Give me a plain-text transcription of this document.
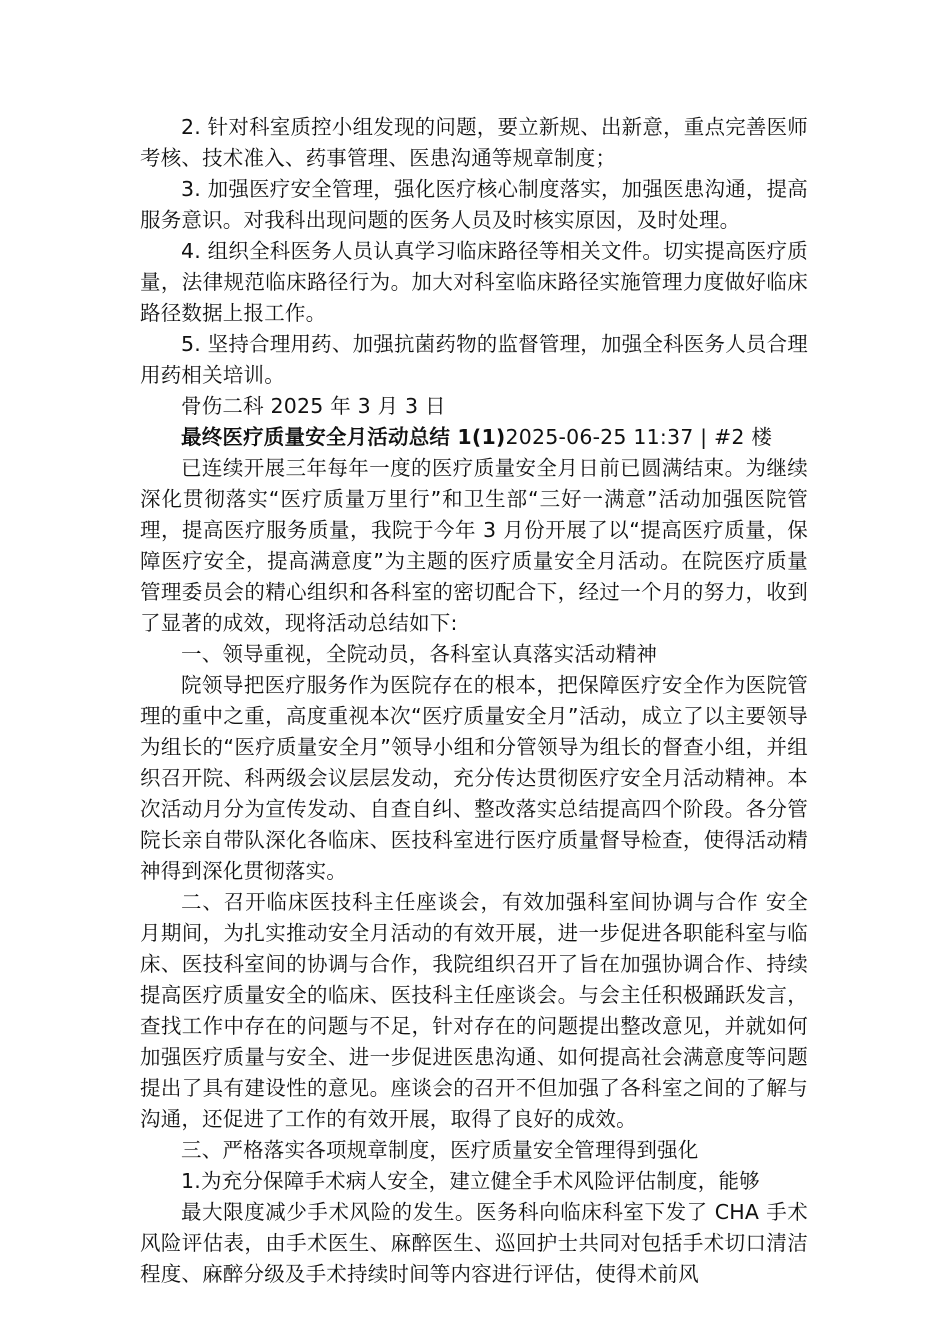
2. 针对科室质控小组发现的问题，要立新规、出新意，重点完善医师考核、技术准入、药事管理、医患沟通等规章制度；

3. 加强医疗安全管理，强化医疗核心制度落实，加强医患沟通，提高服务意识。对我科出现问题的医务人员及时核实原因，及时处理。

4. 组织全科医务人员认真学习临床路径等相关文件。切实提高医疗质量，法律规范临床路径行为。加大对科室临床路径实施管理力度做好临床路径数据上报工作。

5. 坚持合理用药、加强抗菌药物的监督管理，加强全科医务人员合理用药相关培训。

骨伤二科 2025 年 3 月 3 日

最终医疗质量安全月活动总结 1(1)2025-06-25 11:37 | #2 楼

已连续开展三年每年一度的医疗质量安全月日前已圆满结束。为继续深化贯彻落实“医疗质量万里行”和卫生部“三好一满意”活动加强医院管理，提高医疗服务质量，我院于今年 3 月份开展了以“提高医疗质量，保障医疗安全，提高满意度”为主题的医疗质量安全月活动。在院医疗质量管理委员会的精心组织和各科室的密切配合下，经过一个月的努力，收到了显著的成效，现将活动总结如下:

一、领导重视，全院动员，各科室认真落实活动精神

院领导把医疗服务作为医院存在的根本，把保障医疗安全作为医院管理的重中之重，高度重视本次“医疗质量安全月”活动，成立了以主要领导为组长的“医疗质量安全月”领导小组和分管领导为组长的督查小组，并组织召开院、科两级会议层层发动，充分传达贯彻医疗安全月活动精神。本次活动月分为宣传发动、自查自纠、整改落实总结提高四个阶段。各分管院长亲自带队深化各临床、医技科室进行医疗质量督导检查，使得活动精神得到深化贯彻落实。

二、召开临床医技科主任座谈会，有效加强科室间协调与合作 安全月期间，为扎实推动安全月活动的有效开展，进一步促进各职能科室与临床、医技科室间的协调与合作，我院组织召开了旨在加强协调合作、持续提高医疗质量安全的临床、医技科主任座谈会。与会主任积极踊跃发言，查找工作中存在的问题与不足，针对存在的问题提出整改意见，并就如何加强医疗质量与安全、进一步促进医患沟通、如何提高社会满意度等问题提出了具有建设性的意见。座谈会的召开不但加强了各科室之间的了解与沟通，还促进了工作的有效开展，取得了良好的成效。

三、严格落实各项规章制度，医疗质量安全管理得到强化

1.为充分保障手术病人安全，建立健全手术风险评估制度，能够

最大限度减少手术风险的发生。医务科向临床科室下发了 CHA 手术风险评估表，由手术医生、麻醉医生、巡回护士共同对包括手术切口清洁程度、麻醉分级及手术持续时间等内容进行评估，使得术前风
